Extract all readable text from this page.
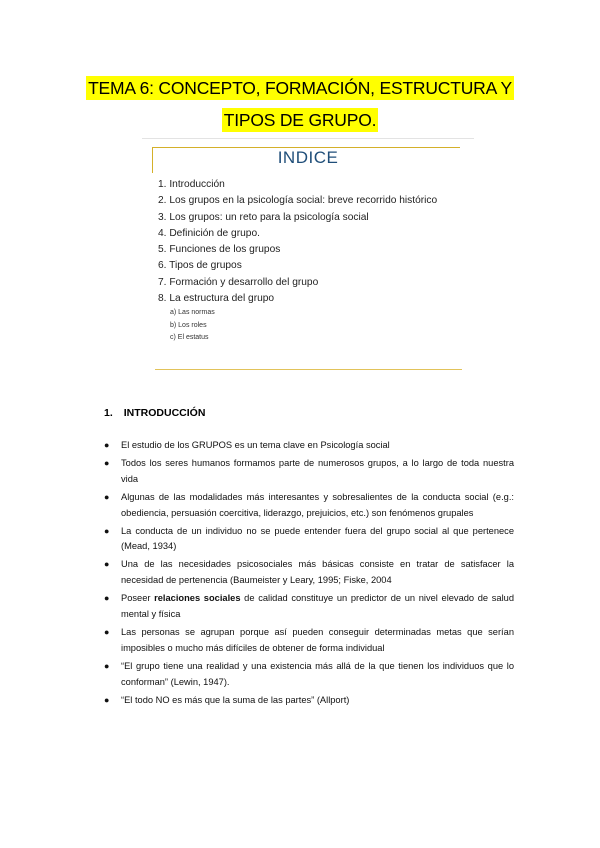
TEMA 6: CONCEPTO, FORMACIÓN, ESTRUCTURA Y
TIPOS DE GRUPO.
INDICE
1. Introducción
2. Los grupos en la psicología social: breve recorrido histórico
3. Los grupos: un reto para la psicología social
4. Definición de grupo.
5. Funciones de los grupos
6. Tipos de grupos
7. Formación y desarrollo del grupo
8. La estructura del grupo
a) Las normas
b) Los roles
c) El estatus
1. INTRODUCCIÓN
● El estudio de los GRUPOS es un tema clave en Psicología social
● Todos los seres humanos formamos parte de numerosos grupos, a lo largo de toda nuestra vida
● Algunas de las modalidades más interesantes y sobresalientes de la conducta social (e.g.: obediencia, persuasión coercitiva, liderazgo, prejuicios, etc.) son fenómenos grupales
● La conducta de un individuo no se puede entender fuera del grupo social al que pertenece (Mead, 1934)
● Una de las necesidades psicosociales más básicas consiste en tratar de satisfacer la necesidad de pertenencia (Baumeister y Leary, 1995; Fiske, 2004
● Poseer relaciones sociales de calidad constituye un predictor de un nivel elevado de salud mental y física
● Las personas se agrupan porque así pueden conseguir determinadas metas que serían imposibles o mucho más difíciles de obtener de forma individual
● “El grupo tiene una realidad y una existencia más allá de la que tienen los individuos que lo conforman” (Lewin, 1947).
● “El todo NO es más que la suma de las partes” (Allport)
